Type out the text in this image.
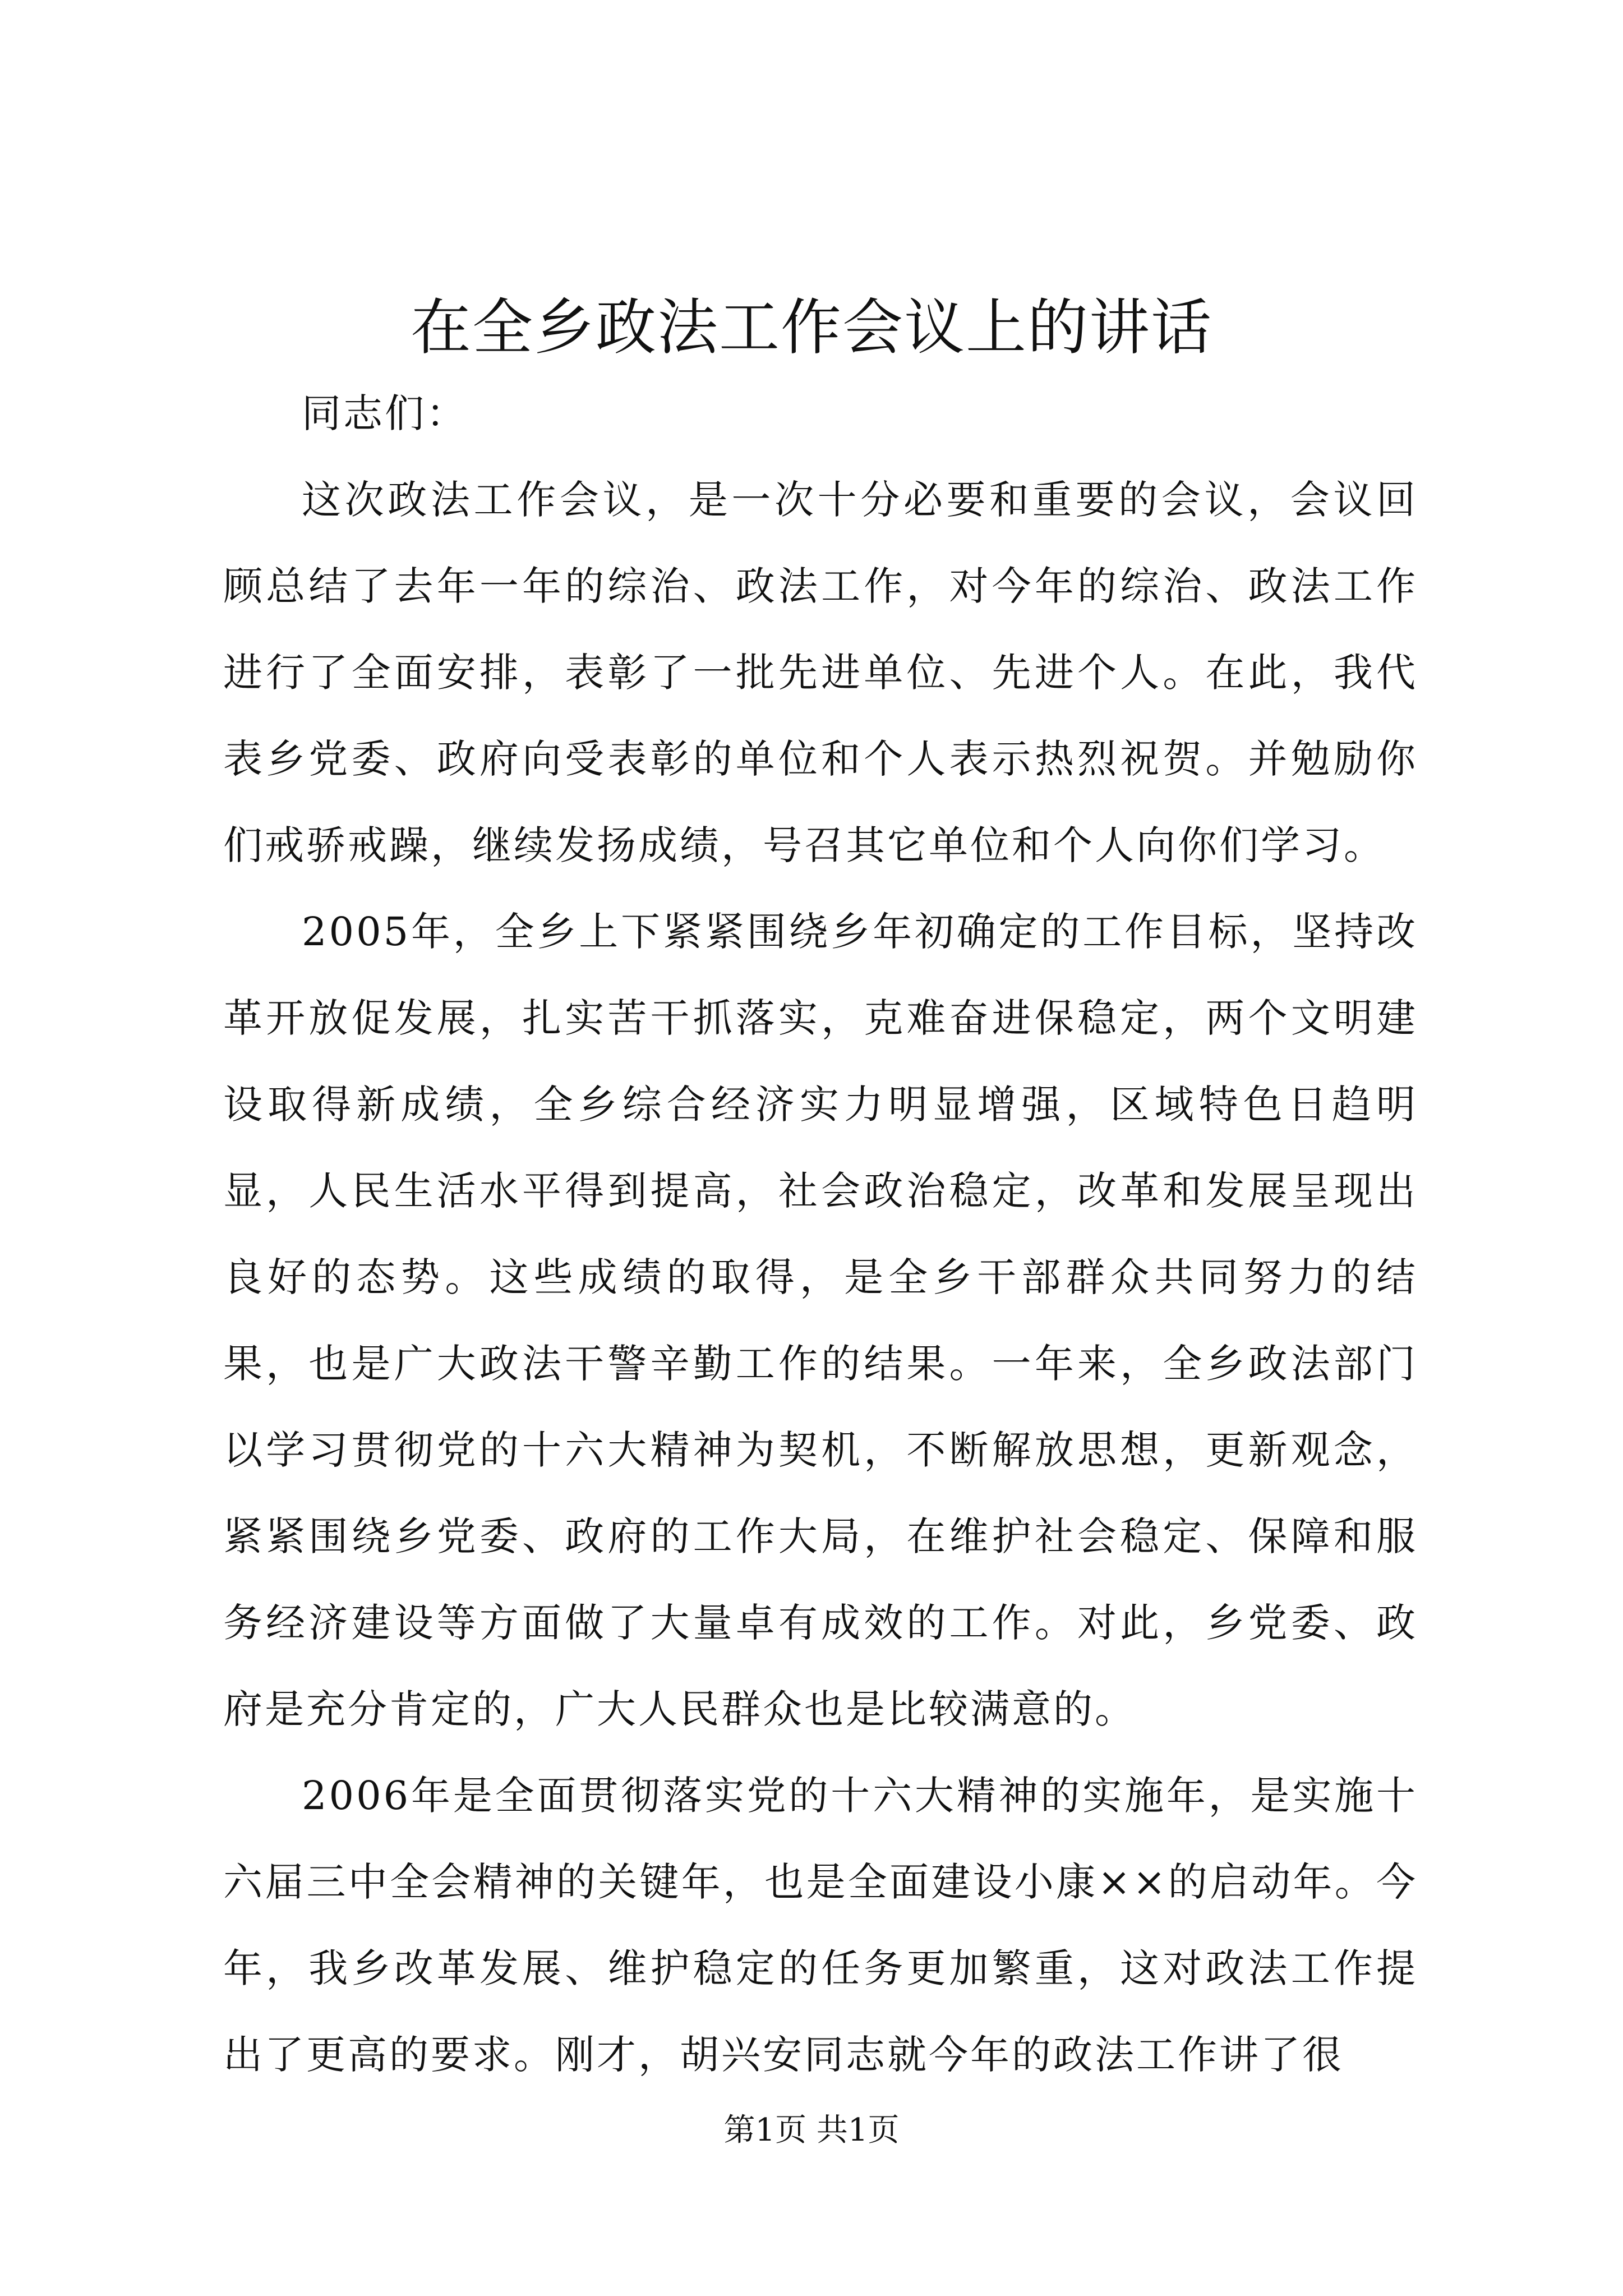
在全乡政法工作会议上的讲话

同志们：

这次政法工作会议，是一次十分必要和重要的会议，会议回顾总结了去年一年的综治、政法工作，对今年的综治、政法工作进行了全面安排，表彰了一批先进单位、先进个人。在此，我代表乡党委、政府向受表彰的单位和个人表示热烈祝贺。并勉励你们戒骄戒躁，继续发扬成绩，号召其它单位和个人向你们学习。

2005年，全乡上下紧紧围绕乡年初确定的工作目标，坚持改革开放促发展，扎实苦干抓落实，克难奋进保稳定，两个文明建设取得新成绩，全乡综合经济实力明显增强，区域特色日趋明显，人民生活水平得到提高，社会政治稳定，改革和发展呈现出良好的态势。这些成绩的取得，是全乡干部群众共同努力的结果，也是广大政法干警辛勤工作的结果。一年来，全乡政法部门以学习贯彻党的十六大精神为契机，不断解放思想，更新观念，紧紧围绕乡党委、政府的工作大局，在维护社会稳定、保障和服务经济建设等方面做了大量卓有成效的工作。对此，乡党委、政府是充分肯定的，广大人民群众也是比较满意的。

2006年是全面贯彻落实党的十六大精神的实施年，是实施十六届三中全会精神的关键年，也是全面建设小康××的启动年。今年，我乡改革发展、维护稳定的任务更加繁重，这对政法工作提出了更高的要求。刚才，胡兴安同志就今年的政法工作讲了很

第1页 共1页
